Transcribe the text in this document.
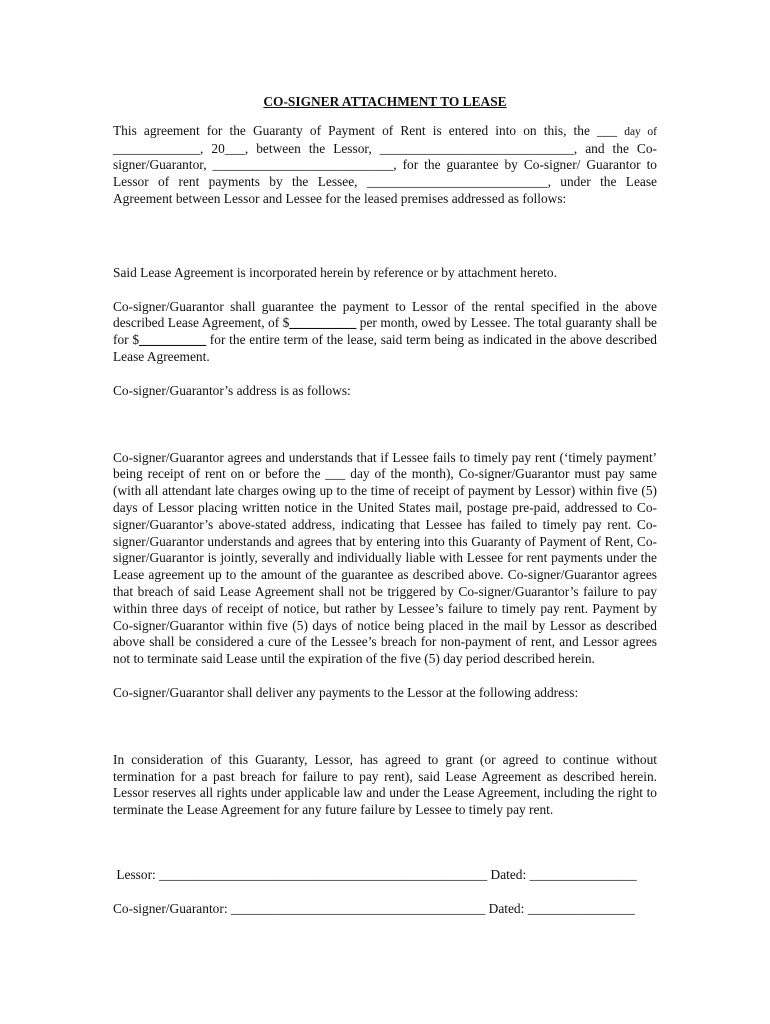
CO-SIGNER ATTACHMENT TO LEASE

This agreement for the Guaranty of Payment of Rent is entered into on this, the ___ day of _____________, 20___, between the Lessor, _____________________________, and the Co-signer/Guarantor, ___________________________, for the guarantee by Co-signer/ Guarantor to Lessor of rent payments by the Lessee, ___________________________, under the Lease Agreement between Lessor and Lessee for the leased premises addressed as follows:

Said Lease Agreement is incorporated herein by reference or by attachment hereto.

Co-signer/Guarantor shall guarantee the payment to Lessor of the rental specified in the above described Lease Agreement, of $__________ per month, owed by Lessee. The total guaranty shall be for $__________ for the entire term of the lease, said term being as indicated in the above described Lease Agreement.

Co-signer/Guarantor’s address is as follows:

Co-signer/Guarantor agrees and understands that if Lessee fails to timely pay rent (‘timely payment’ being receipt of rent on or before the ___ day of the month), Co-signer/Guarantor must pay same (with all attendant late charges owing up to the time of receipt of payment by Lessor) within five (5) days of Lessor placing written notice in the United States mail, postage pre-paid, addressed to Co-signer/Guarantor’s above-stated address, indicating that Lessee has failed to timely pay rent. Co-signer/Guarantor understands and agrees that by entering into this Guaranty of Payment of Rent, Co-signer/Guarantor is jointly, severally and individually liable with Lessee for rent payments under the Lease agreement up to the amount of the guarantee as described above. Co-signer/Guarantor agrees that breach of said Lease Agreement shall not be triggered by Co-signer/Guarantor’s failure to pay within three days of receipt of notice, but rather by Lessee’s failure to timely pay rent. Payment by Co-signer/Guarantor within five (5) days of notice being placed in the mail by Lessor as described above shall be considered a cure of the Lessee’s breach for non-payment of rent, and Lessor agrees not to terminate said Lease until the expiration of the five (5) day period described herein.

Co-signer/Guarantor shall deliver any payments to the Lessor at the following address:

In consideration of this Guaranty, Lessor, has agreed to grant (or agreed to continue without termination for a past breach for failure to pay rent), said Lease Agreement as described herein. Lessor reserves all rights under applicable law and under the Lease Agreement, including the right to terminate the Lease Agreement for any future failure by Lessee to timely pay rent.

Lessor: _________________________________________________ Dated: ________________
Co-signer/Guarantor: ______________________________________ Dated: ________________
